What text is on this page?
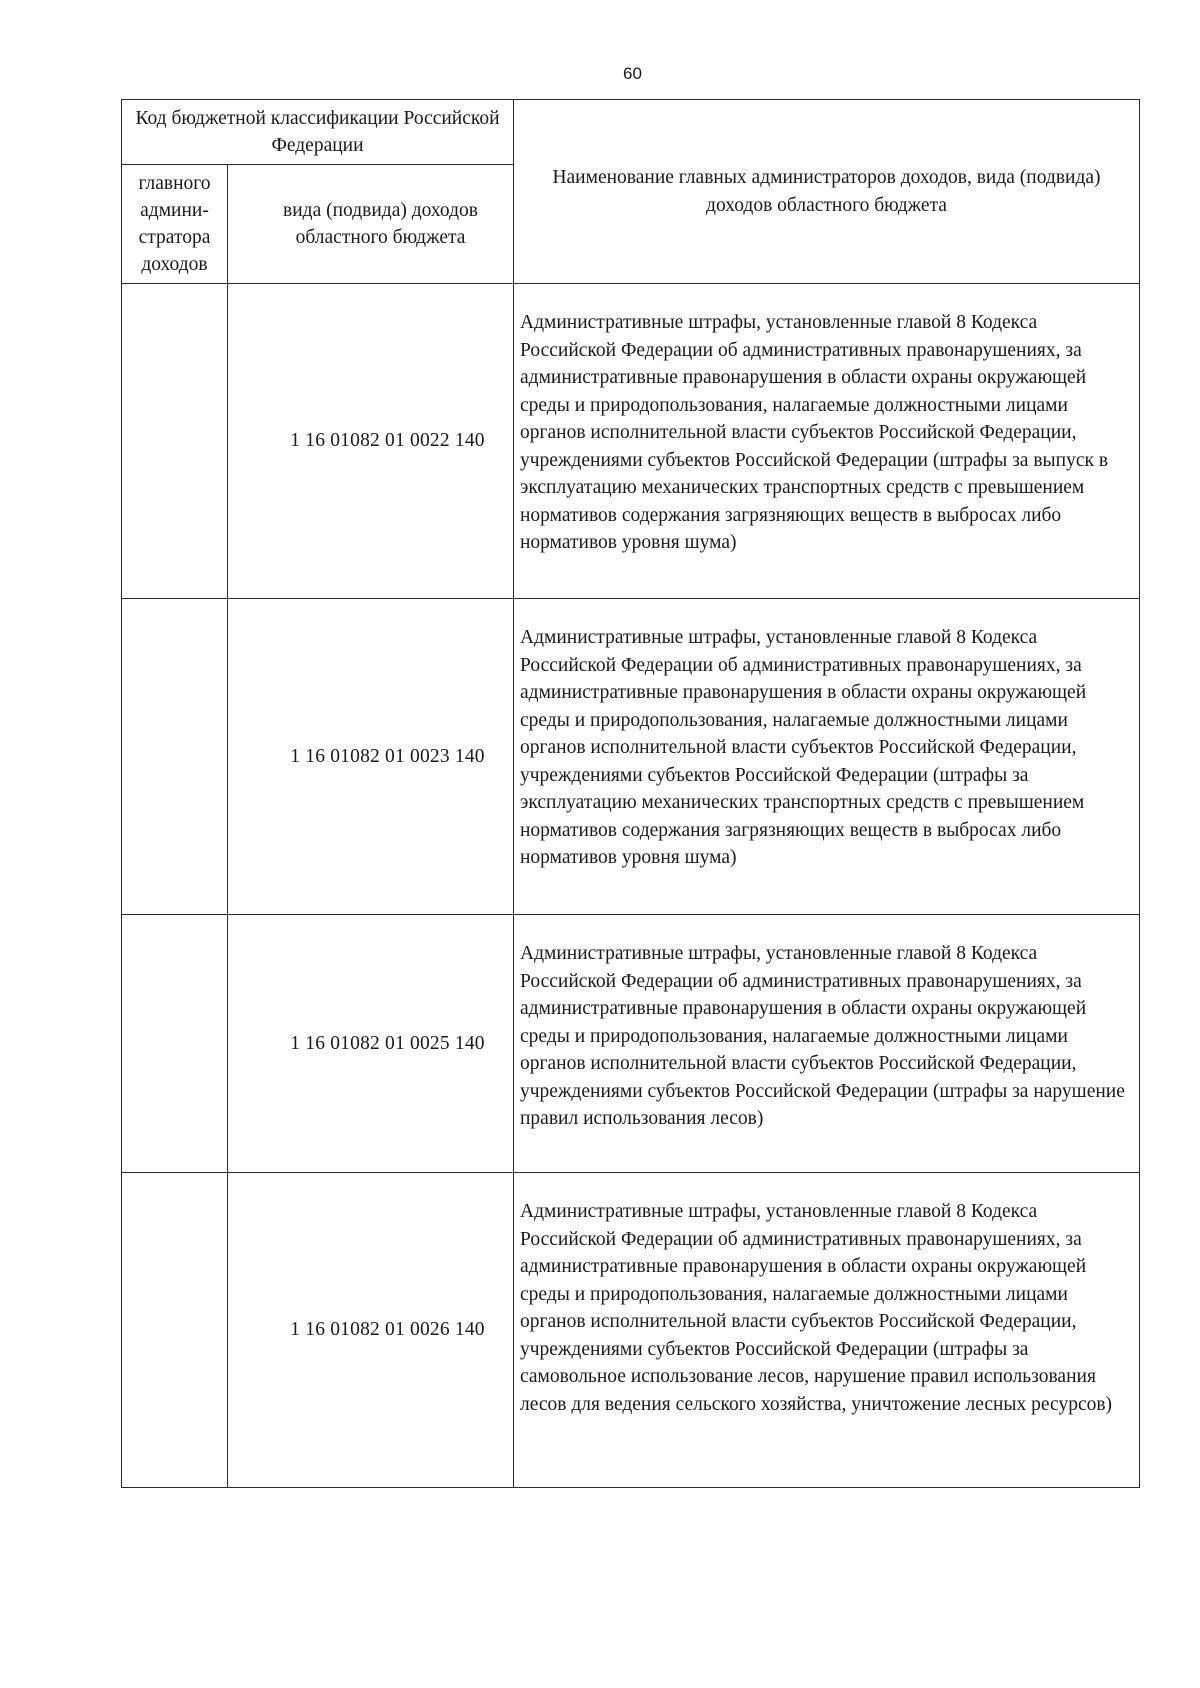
60
Код бюджетной классификации Российской Федерации		Наименование главных администраторов доходов, вида (подвида) доходов областного бюджета
главного админи-стратора доходов	вида (подвида) доходов областного бюджета	
	1 16 01082 01 0022 140	Административные штрафы, установленные главой 8 Кодекса Российской Федерации об административных правонарушениях, за административные правонарушения в области охраны окружающей среды и природопользования, налагаемые должностными лицами органов исполнительной власти субъектов Российской Федерации, учреждениями субъектов Российской Федерации (штрафы за выпуск в эксплуатацию механических транспортных средств с превышением нормативов содержания загрязняющих веществ в выбросах либо нормативов уровня шума)
	1 16 01082 01 0023 140	Административные штрафы, установленные главой 8 Кодекса Российской Федерации об административных правонарушениях, за административные правонарушения в области охраны окружающей среды и природопользования, налагаемые должностными лицами органов исполнительной власти субъектов Российской Федерации, учреждениями субъектов Российской Федерации (штрафы за эксплуатацию механических транспортных средств с превышением нормативов содержания загрязняющих веществ в выбросах либо нормативов уровня шума)
	1 16 01082 01 0025 140	Административные штрафы, установленные главой 8 Кодекса Российской Федерации об административных правонарушениях, за административные правонарушения в области охраны окружающей среды и природопользования, налагаемые должностными лицами органов исполнительной власти субъектов Российской Федерации, учреждениями субъектов Российской Федерации (штрафы за нарушение правил использования лесов)
	1 16 01082 01 0026 140	Административные штрафы, установленные главой 8 Кодекса Российской Федерации об административных правонарушениях, за административные правонарушения в области охраны окружающей среды и природопользования, налагаемые должностными лицами органов исполнительной власти субъектов Российской Федерации, учреждениями субъектов Российской Федерации (штрафы за самовольное использование лесов, нарушение правил использования лесов для ведения сельского хозяйства, уничтожение лесных ресурсов)
